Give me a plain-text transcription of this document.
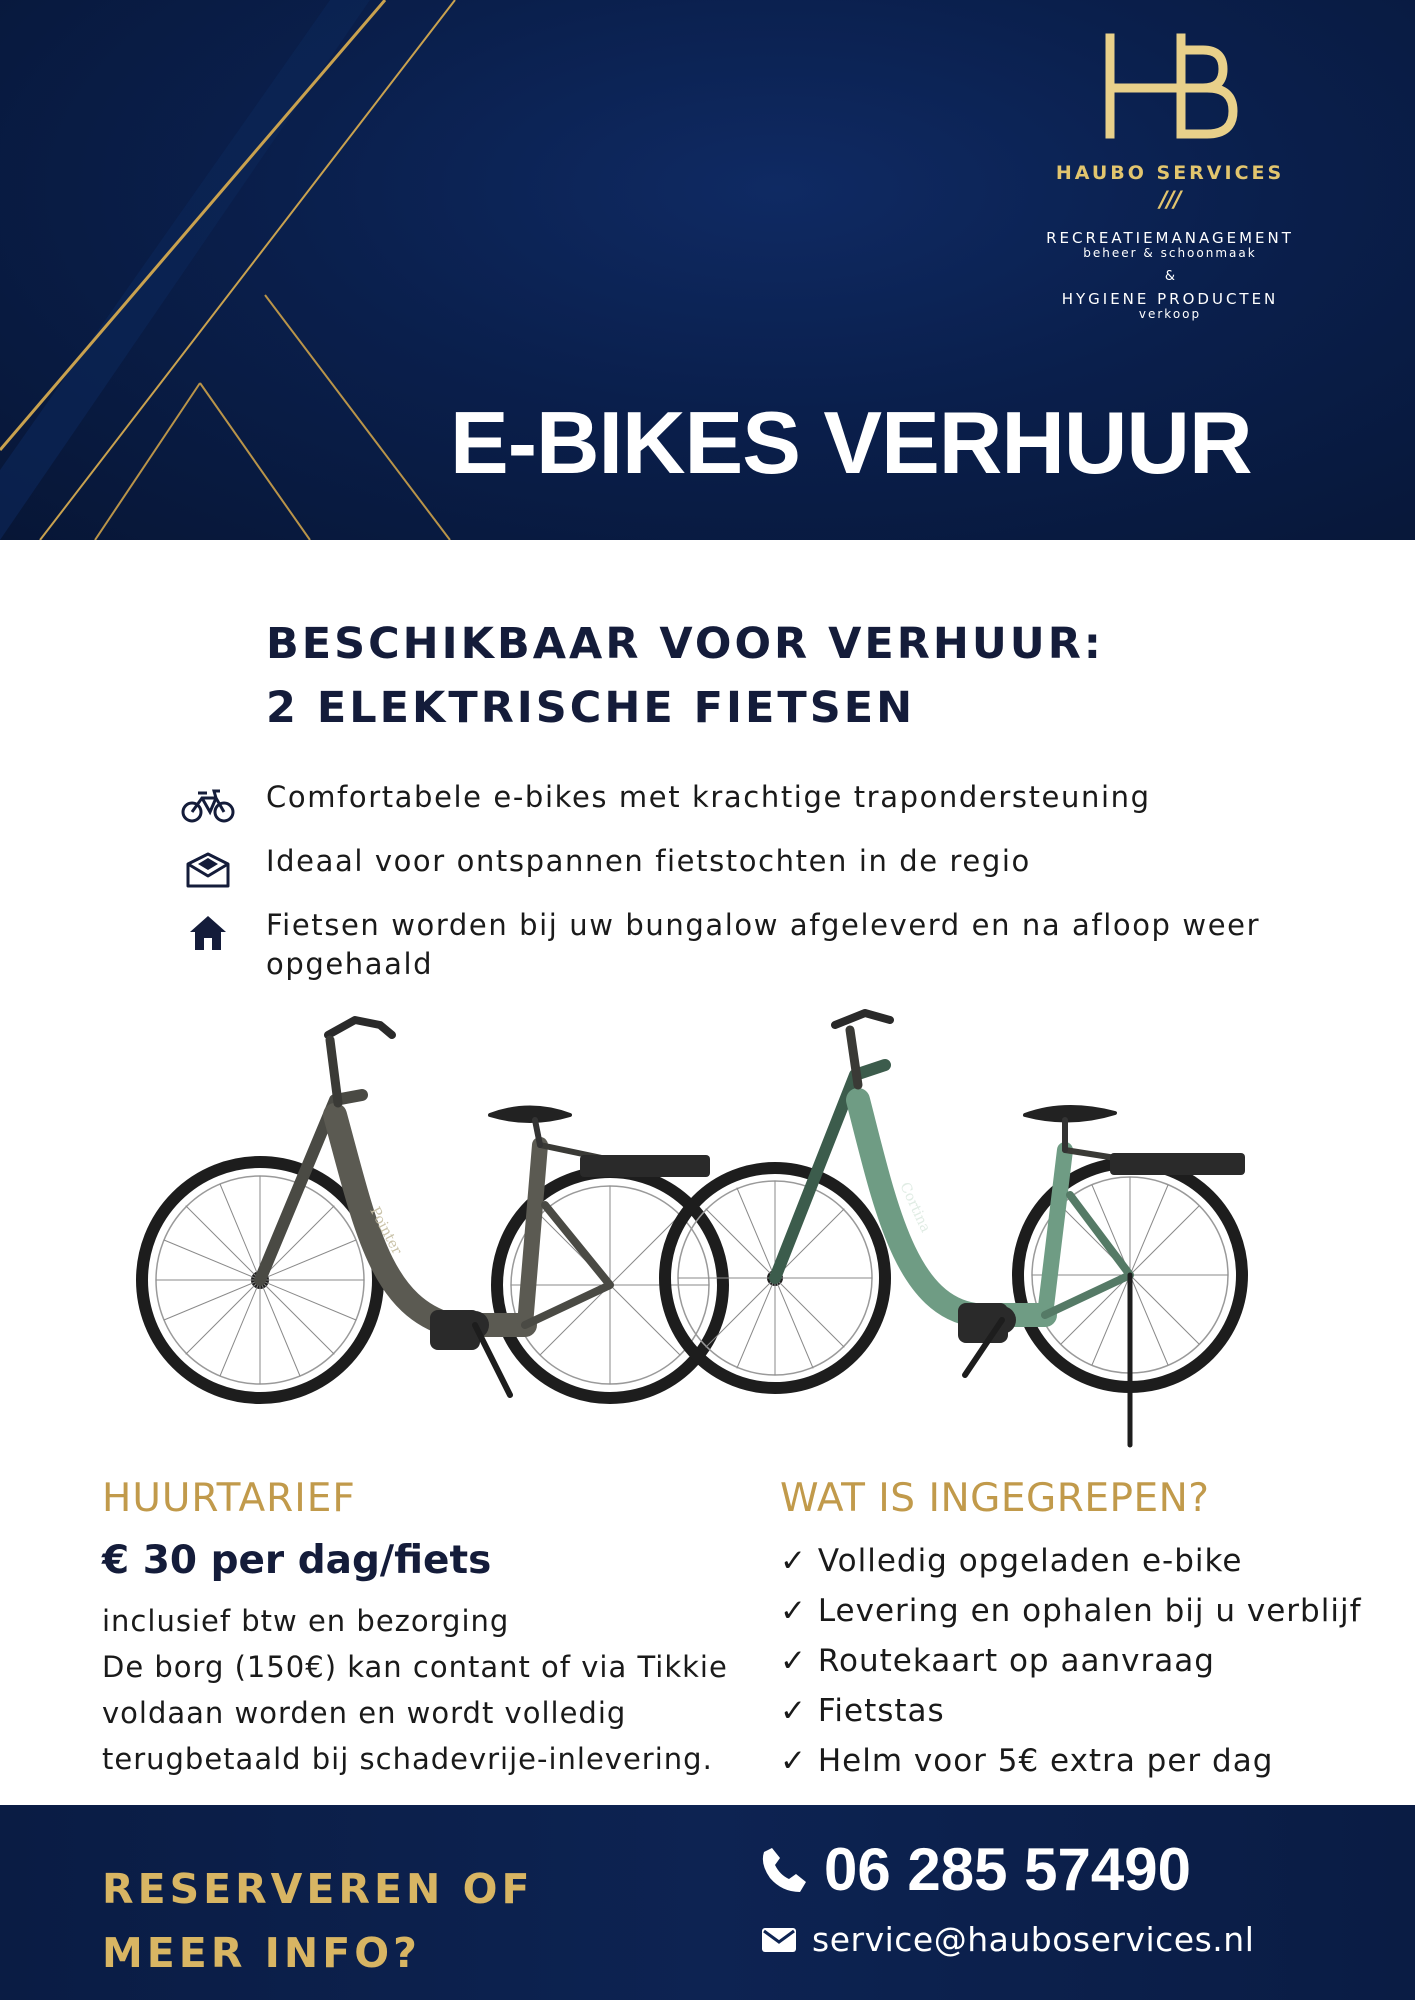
HAUBO SERVICES
///
RECREATIEMANAGEMENT
beheer & schoonmaak
&
HYGIENE PRODUCTEN
verkoop
E-BIKES VERHUUR
BESCHIKBAAR VOOR VERHUUR:
2 ELEKTRISCHE FIETSEN
Comfortabele e-bikes met krachtige trapondersteuning
Ideaal voor ontspannen fietstochten in de regio
Fietsen worden bij uw bungalow afgeleverd en na afloop weer opgehaald
Pointer	Cortina
HUURTARIEF
€ 30 per dag/fiets
inclusief btw en bezorging
De borg (150€) kan contant of via Tikkie voldaan worden en wordt volledig terugbetaald bij schadevrije-inlevering.
WAT IS INGEGREPEN?
✓ Volledig opgeladen e-bike
✓ Levering en ophalen bij u verblijf
✓ Routekaart op aanvraag
✓ Fietstas
✓ Helm voor 5€ extra per dag
RESERVEREN OF
MEER INFO?
06 285 57490
service@hauboservices.nl
